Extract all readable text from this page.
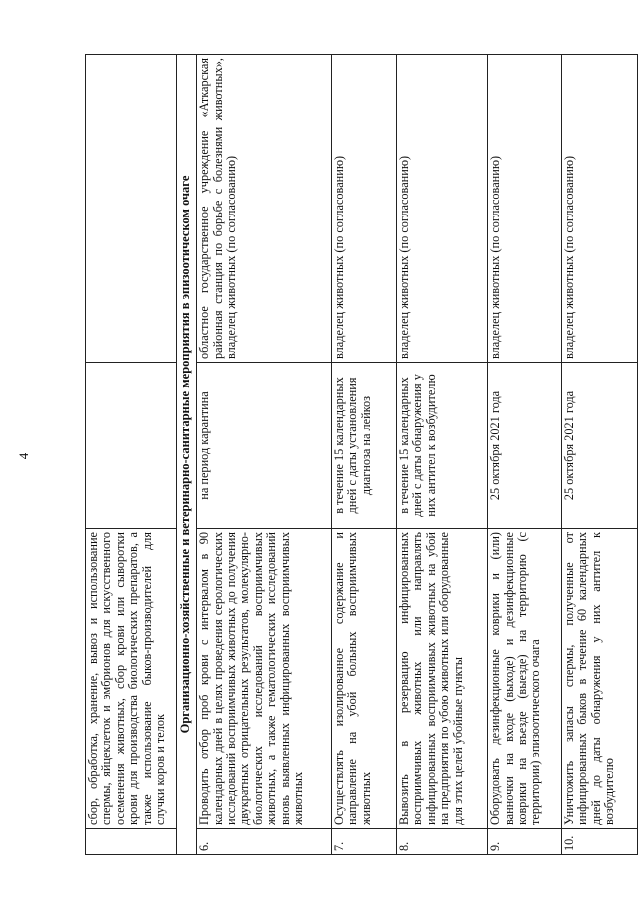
4
	сбор, обработка, хранение, вывоз и использование спермы, яйцеклеток и эмбрионов для искусственного осеменения животных, сбор крови или сыворотки крови для производства биологических препаратов, а также использование быков-производителей для случки коров и телок		
Организационно-хозяйственные и ветеринарно-санитарные мероприятия в эпизоотическом очаге			
6.	Проводить отбор проб крови с интервалом в 90 календарных дней в целях проведения серологических исследований восприимчивых животных до получения двукратных отрицательных результатов, молекулярно-биологических исследований восприимчивых животных, а также гематологических исследований вновь выявленных инфицированных восприимчивых животных	на период карантина	областное государственное учреждение «Аткарская районная станция по борьбе с болезнями животных», владелец животных (по согласованию)
7.	Осуществлять изолированное содержание и направление на убой больных восприимчивых животных	в течение 15 календарных дней с даты установления диагноза на лейкоз	владелец животных (по согласованию)
8.	Вывозить в резервацию инфицированных восприимчивых животных или направлять инфицированных восприимчивых животных на убой на предприятия по убою животных или оборудованные для этих целей убойные пункты	в течение 15 календарных дней с даты обнаружения у них антител к возбудителю	владелец животных (по согласованию)
9.	Оборудовать дезинфекционные коврики и (или) ванночки на входе (выходе) и дезинфекционные коврики на въезде (выезде) на территорию (с территории) эпизоотического очага	25 октября 2021 года	владелец животных (по согласованию)
10.	Уничтожить запасы спермы, полученные от инфицированных быков в течение 60 календарных дней до даты обнаружения у них антител к возбудителю	25 октября 2021 года	владелец животных (по согласованию)
